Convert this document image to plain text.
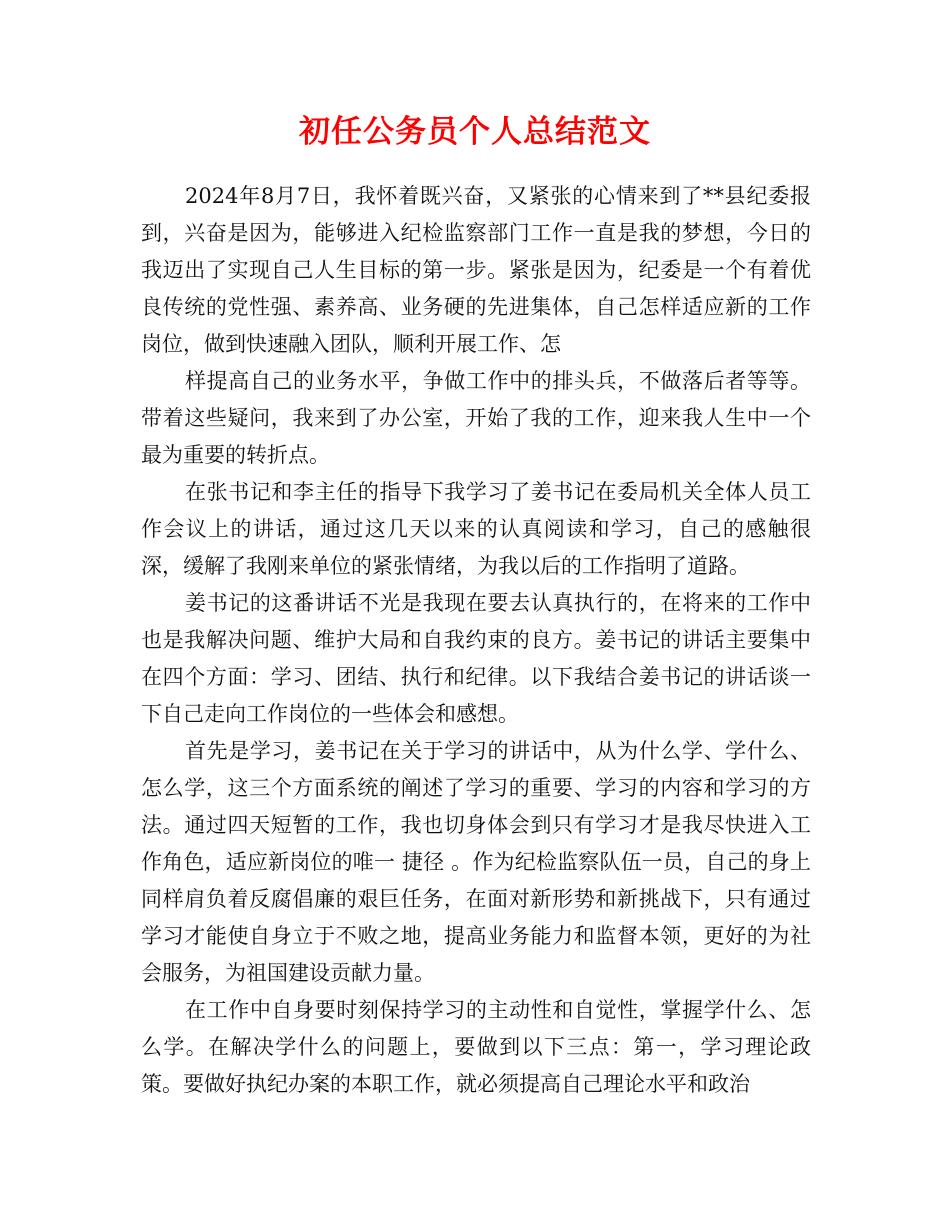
初任公务员个人总结范文

2024年8月7日，我怀着既兴奋，又紧张的心情来到了**县纪委报到，兴奋是因为，能够进入纪检监察部门工作一直是我的梦想，今日的我迈出了实现自己人生目标的第一步。紧张是因为，纪委是一个有着优良传统的党性强、素养高、业务硬的先进集体，自己怎样适应新的工作岗位，做到快速融入团队，顺利开展工作、怎

样提高自己的业务水平，争做工作中的排头兵，不做落后者等等。带着这些疑问，我来到了办公室，开始了我的工作，迎来我人生中一个最为重要的转折点。

在张书记和李主任的指导下我学习了姜书记在委局机关全体人员工作会议上的讲话，通过这几天以来的认真阅读和学习，自己的感触很深，缓解了我刚来单位的紧张情绪，为我以后的工作指明了道路。

姜书记的这番讲话不光是我现在要去认真执行的，在将来的工作中也是我解决问题、维护大局和自我约束的良方。姜书记的讲话主要集中在四个方面：学习、团结、执行和纪律。以下我结合姜书记的讲话谈一下自己走向工作岗位的一些体会和感想。

首先是学习，姜书记在关于学习的讲话中，从为什么学、学什么、怎么学，这三个方面系统的阐述了学习的重要、学习的内容和学习的方法。通过四天短暂的工作，我也切身体会到只有学习才是我尽快进入工作角色，适应新岗位的唯一 捷径 。作为纪检监察队伍一员，自己的身上同样肩负着反腐倡廉的艰巨任务，在面对新形势和新挑战下，只有通过学习才能使自身立于不败之地，提高业务能力和监督本领，更好的为社会服务，为祖国建设贡献力量。

在工作中自身要时刻保持学习的主动性和自觉性，掌握学什么、怎么学。在解决学什么的问题上，要做到以下三点：第一，学习理论政策。要做好执纪办案的本职工作，就必须提高自己理论水平和政治
